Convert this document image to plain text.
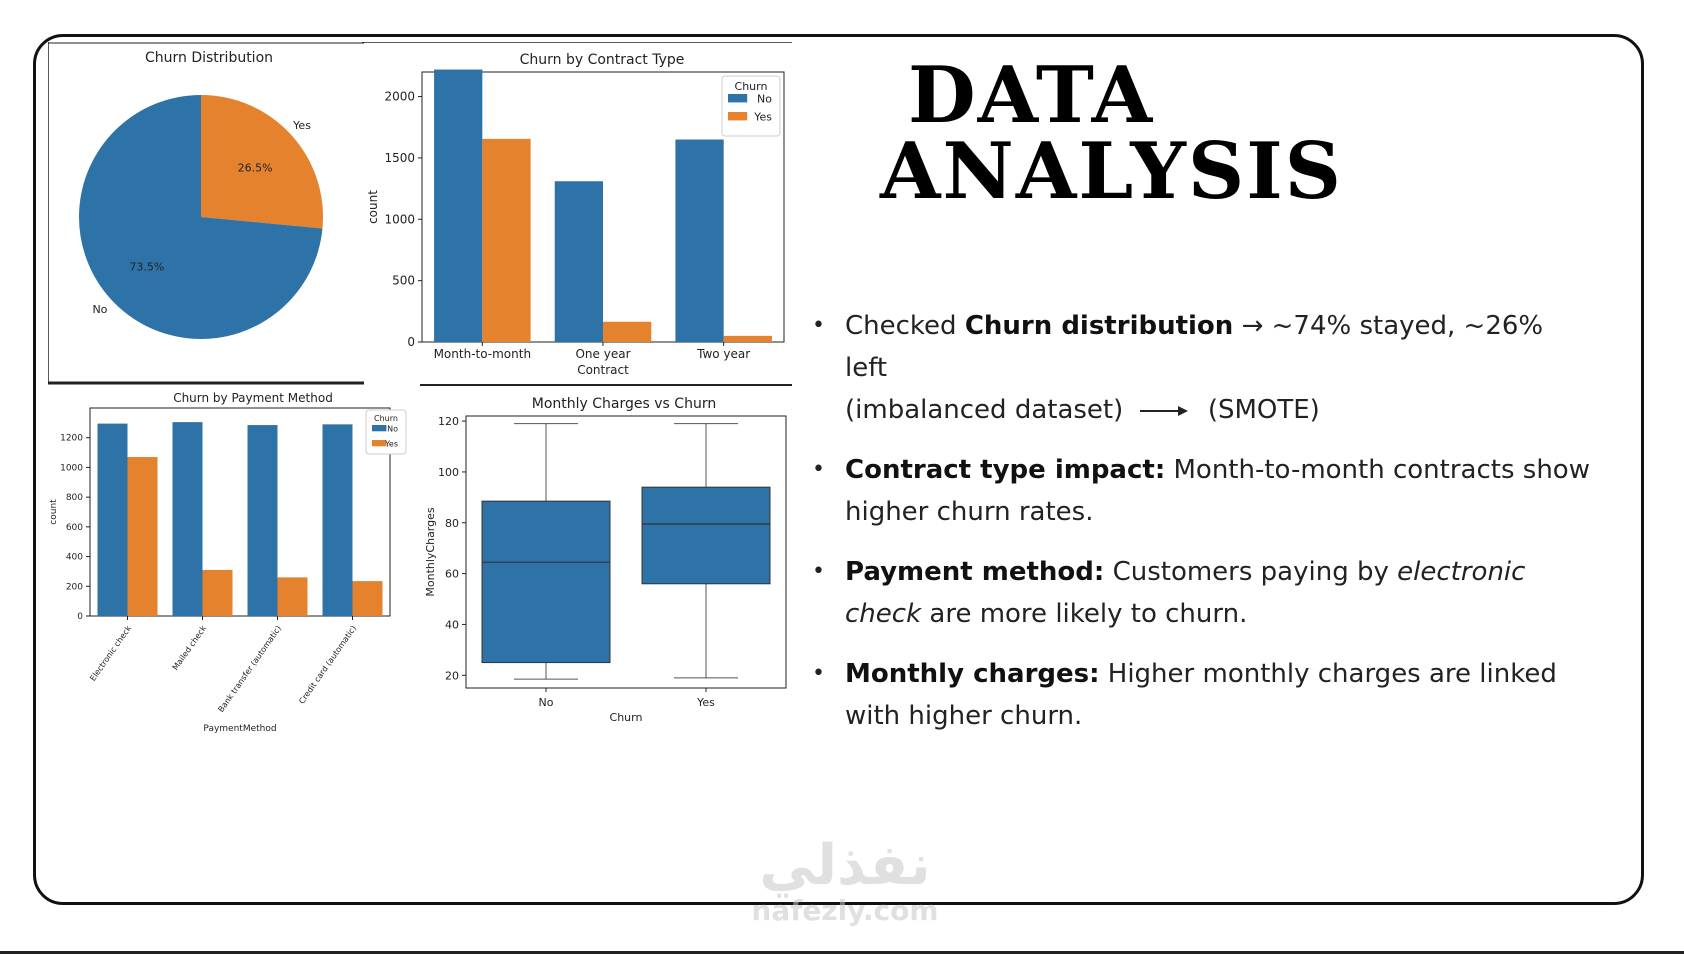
Churn Distribution
26.5%
Yes
73.5%
No
Churn by Contract Type
0
500
1000
1500
2000
Month-to-month	One year	Two year
Contract
count
Churn
No
Yes
Churn by Payment Method
0
200
400
600
800
1000
1200
Electronic check	Mailed check Bank transfer (automatic) Credit card (automatic)
PaymentMethod
count
Churn
No
Yes
Monthly Charges vs Churn
20
40
60
80
100
120
No	Yes
Churn
MonthlyCharges
DATA
ANALYSIS
• Checked Churn distribution → ~74% stayed, ~26% left
(imbalanced dataset)	(SMOTE)
• Contract type impact: Month-to-month contracts show higher churn rates.
• Payment method: Customers paying by electronic check are more likely to churn.
• Monthly charges: Higher monthly charges are linked with higher churn.
نفذلي
nafezly.com
